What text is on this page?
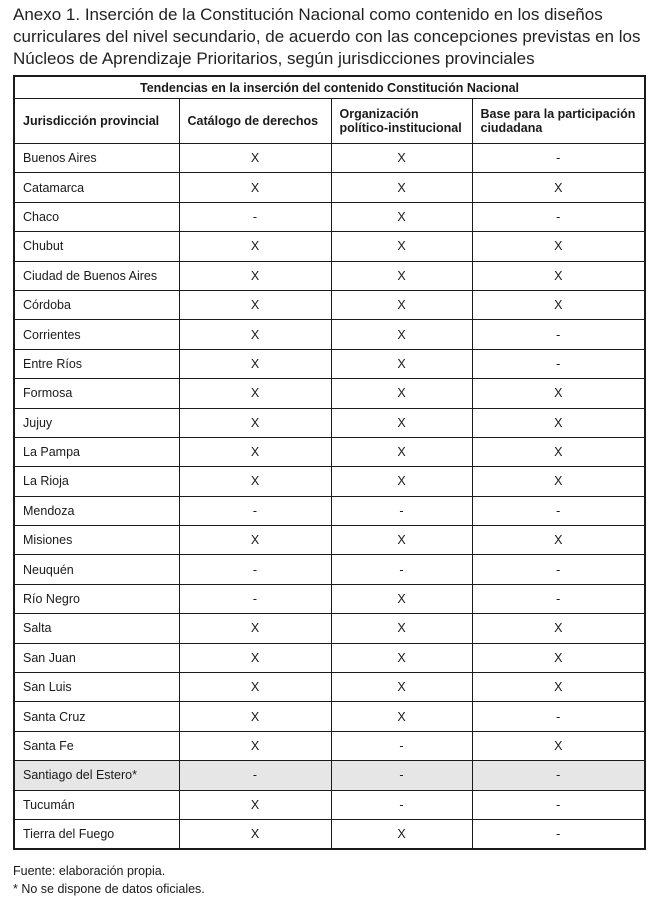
Anexo 1. Inserción de la Constitución Nacional como contenido en los diseños curriculares del nivel secundario, de acuerdo con las concepciones previstas en los Núcleos de Aprendizaje Prioritarios, según jurisdicciones provinciales
Tendencias en la inserción del contenido Constitución Nacional			
Jurisdicción provincial	Catálogo de derechos	Organización político-institucional	Base para la participación ciudadana
Buenos Aires	X	X	-
Catamarca	X	X	X
Chaco	-	X	-
Chubut	X	X	X
Ciudad de Buenos Aires	X	X	X
Córdoba	X	X	X
Corrientes	X	X	-
Entre Ríos	X	X	-
Formosa	X	X	X
Jujuy	X	X	X
La Pampa	X	X	X
La Rioja	X	X	X
Mendoza	-	-	-
Misiones	X	X	X
Neuquén	-	-	-
Río Negro	-	X	-
Salta	X	X	X
San Juan	X	X	X
San Luis	X	X	X
Santa Cruz	X	X	-
Santa Fe	X	-	X
Santiago del Estero*	-	-	-
Tucumán	X	-	-
Tierra del Fuego	X	X	-
Fuente: elaboración propia.
* No se dispone de datos oficiales.
